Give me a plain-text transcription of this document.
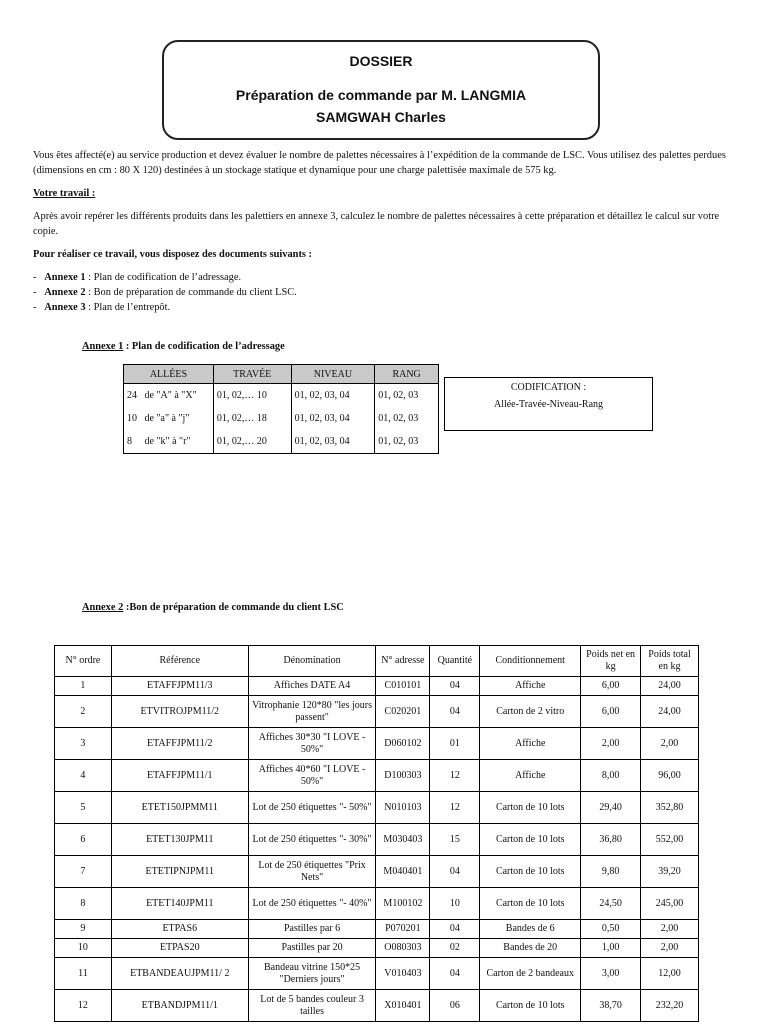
DOSSIER
Préparation de commande par M. LANGMIA
SAMGWAH Charles
Vous êtes affecté(e) au service production et devez évaluer le nombre de palettes nécessaires à l’expédition de la commande de LSC. Vous utilisez des palettes perdues (dimensions en cm : 80 X 120) destinées à un stockage statique et dynamique pour une charge palettisée maximale de 575 kg.
Votre travail :
Après avoir repérer les différents produits dans les palettiers en annexe 3, calculez le nombre de palettes nécessaires à cette préparation et détaillez le calcul sur votre copie.
Pour réaliser ce travail, vous disposez des documents suivants :
- Annexe 1 : Plan de codification de l’adressage.
- Annexe 2 : Bon de préparation de commande du client LSC.
- Annexe 3 : Plan de l’entrepôt.
Annexe 1 : Plan de codification de l’adressage
ALLÉES	TRAVÉE	NIVEAU	RANG
24   de "A" à "X"	01, 02,… 10	01, 02, 03, 04	01, 02, 03
10   de "a" à "j"	01, 02,… 18	01, 02, 03, 04	01, 02, 03
8     de "k" à "r"	01, 02,… 20	01, 02, 03, 04	01, 02, 03
CODIFICATION :
Allée-Travée-Niveau-Rang
Annexe 2 :Bon de préparation de commande du client LSC
N° ordre	Référence	Dénomination	N° adresse	Quantité	Conditionnement	Poids net en kg	Poids total en kg
1	ETAFFJPM11/3	Affiches DATE A4	C010101	04	Affiche	6,00	24,00
2	ETVITROJPM11/2	Vitrophanie 120*80 "les jours passent"	C020201	04	Carton de 2 vitro	6,00	24,00
3	ETAFFJPM11/2	Affiches 30*30 "I LOVE - 50%"	D060102	01	Affiche	2,00	2,00
4	ETAFFJPM11/1	Affiches 40*60 "I LOVE - 50%"	D100303	12	Affiche	8,00	96,00
5	ETET150JPMM11	Lot de 250 étiquettes "- 50%"	N010103	12	Carton de 10 lots	29,40	352,80
6	ETET130JPM11	Lot de 250 étiquettes "- 30%"	M030403	15	Carton de 10 lots	36,80	552,00
7	ETETIPNJPM11	Lot de 250 étiquettes "Prix Nets"	M040401	04	Carton de 10 lots	9,80	39,20
8	ETET140JPM11	Lot de 250 étiquettes "- 40%"	M100102	10	Carton de 10 lots	24,50	245,00
9	ETPAS6	Pastilles par 6	P070201	04	Bandes de 6	0,50	2,00
10	ETPAS20	Pastilles par 20	O080303	02	Bandes de 20	1,00	2,00
11	ETBANDEAUJPM11/ 2	Bandeau vitrine 150*25 "Derniers jours"	V010403	04	Carton de 2 bandeaux	3,00	12,00
12	ETBANDJPM11/1	Lot de 5 bandes couleur 3 tailles	X010401	06	Carton de 10 lots	38,70	232,20
